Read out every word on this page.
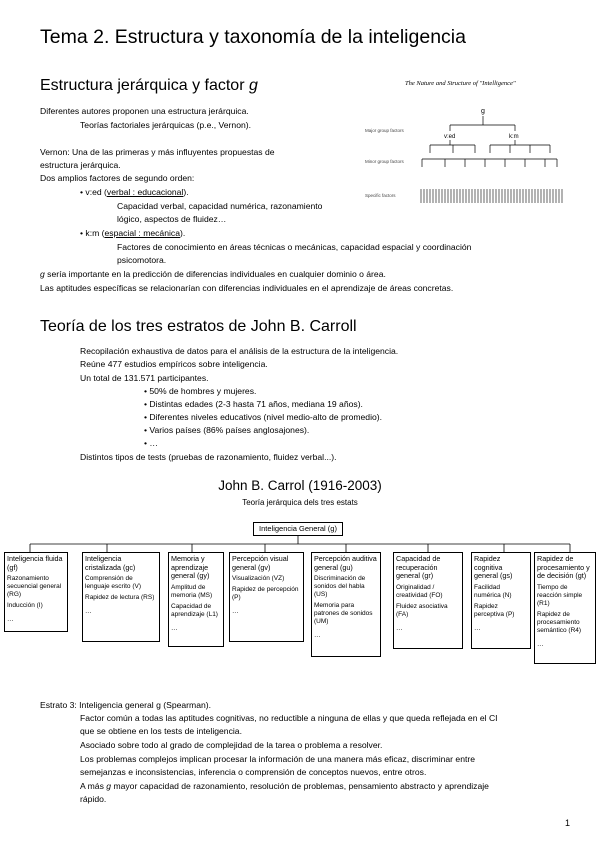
Tema 2. Estructura y taxonomía de la inteligencia
Estructura jerárquica y factor g
Diferentes autores proponen una estructura jerárquica.
Teorías factoriales jerárquicas (p.e., Vernon).
Vernon: Una de las primeras y más influyentes propuestas de
estructura jerárquica.
Dos amplios factores de segundo orden:
• v:ed (verbal : educacional).
Capacidad verbal, capacidad numérica, razonamiento
lógico, aspectos de fluidez…
• k:m (espacial : mecánica).
Factores de conocimiento en áreas técnicas o mecánicas, capacidad espacial y coordinación
psicomotora.
g sería importante en la predicción de diferencias individuales en cualquier dominio o área.
Las aptitudes específicas se relacionarían con diferencias individuales en el aprendizaje de áreas concretas.
The Nature and Structure of "Intelligence"
g
Major group factors
v:ed	k:m
Minor group factors
Specific factors
Teoría de los tres estratos de John B. Carroll
Recopilación exhaustiva de datos para el análisis de la estructura de la inteligencia.
Reúne 477 estudios empíricos sobre inteligencia.
Un total de 131.571 participantes.
• 50% de hombres y mujeres.
• Distintas edades (2-3 hasta 71 años, mediana 19 años).
• Diferentes niveles educativos (nivel medio-alto de promedio).
• Varios países (86% países anglosajones).
• …
Distintos tipos de tests (pruebas de razonamiento, fluidez verbal...).
John B. Carrol (1916-2003)
Teoría jerárquica dels tres estats
Inteligencia General (g)
Inteligencia fluida (gf)
Razonamiento secuencial general (RG)
Inducción (I)
…
Inteligencia cristalizada (gc)
Comprensión de lenguaje escrito (V)
Rapidez de lectura (RS)
…
Memoria y aprendizaje general (gy)
Amplitud de memoria (MS)
Capacidad de aprendizaje (L1)
…
Percepción visual general (gv)
Visualización (VZ)
Rapidez de percepción (P)
…
Percepción auditiva general (gu)
Discriminación de sonidos del habla (US)
Memoria para patrones de sonidos (UM)
…
Capacidad de recuperación general (gr)
Originalidad / creatividad (FO)
Fluidez asociativa (FA)
…
Rapidez cognitiva general (gs)
Facilidad numérica (N)
Rapidez perceptiva (P)
…
Rapidez de procesamiento y de decisión (gt)
Tiempo de reacción simple (R1)
Rapidez de procesamiento semántico (R4)
…
Estrato 3: Inteligencia general g (Spearman).
Factor común a todas las aptitudes cognitivas, no reductible a ninguna de ellas y que queda reflejada en el CI
que se obtiene en los tests de inteligencia.
Asociado sobre todo al grado de complejidad de la tarea o problema a resolver.
Los problemas complejos implican procesar la información de una manera más eficaz, discriminar entre
semejanzas e inconsistencias, inferencia o comprensión de conceptos nuevos, entre otros.
A más g mayor capacidad de razonamiento, resolución de problemas, pensamiento abstracto y aprendizaje
rápido.
1
